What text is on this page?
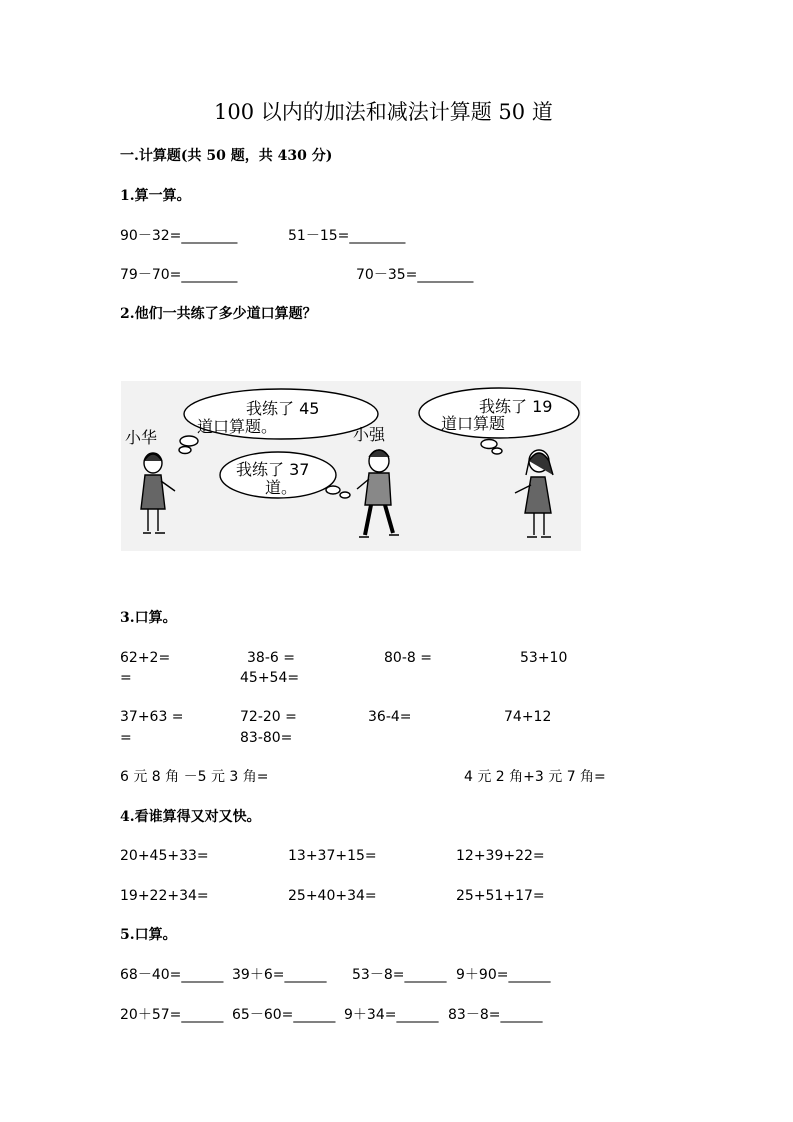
100 以内的加法和减法计算题 50 道
一.计算题(共 50 题，共 430 分)
1.算一算。
90－32=________	51－15=________
79－70=________	70－35=________
2.他们一共练了多少道口算题？
我练了 45
道口算题。
我练了 37
道。
我练了 19
道口算题
小华	小强
3.口算。
62+2=	38-6 =	80-8 =	53+10
=	45+54=
37+63 =	72-20 =	36-4=	74+12
=	83-80=
6 元 8 角 －5 元 3 角=	4 元 2 角+3 元 7 角=
4.看谁算得又对又快。
20+45+33=	13+37+15=	12+39+22=
19+22+34=	25+40+34=	25+51+17=
5.口算。
68－40=______ 39＋6=______ 53－8=______ 9＋90=______
20＋57=______ 65－60=______ 9＋34=______ 83－8=______
